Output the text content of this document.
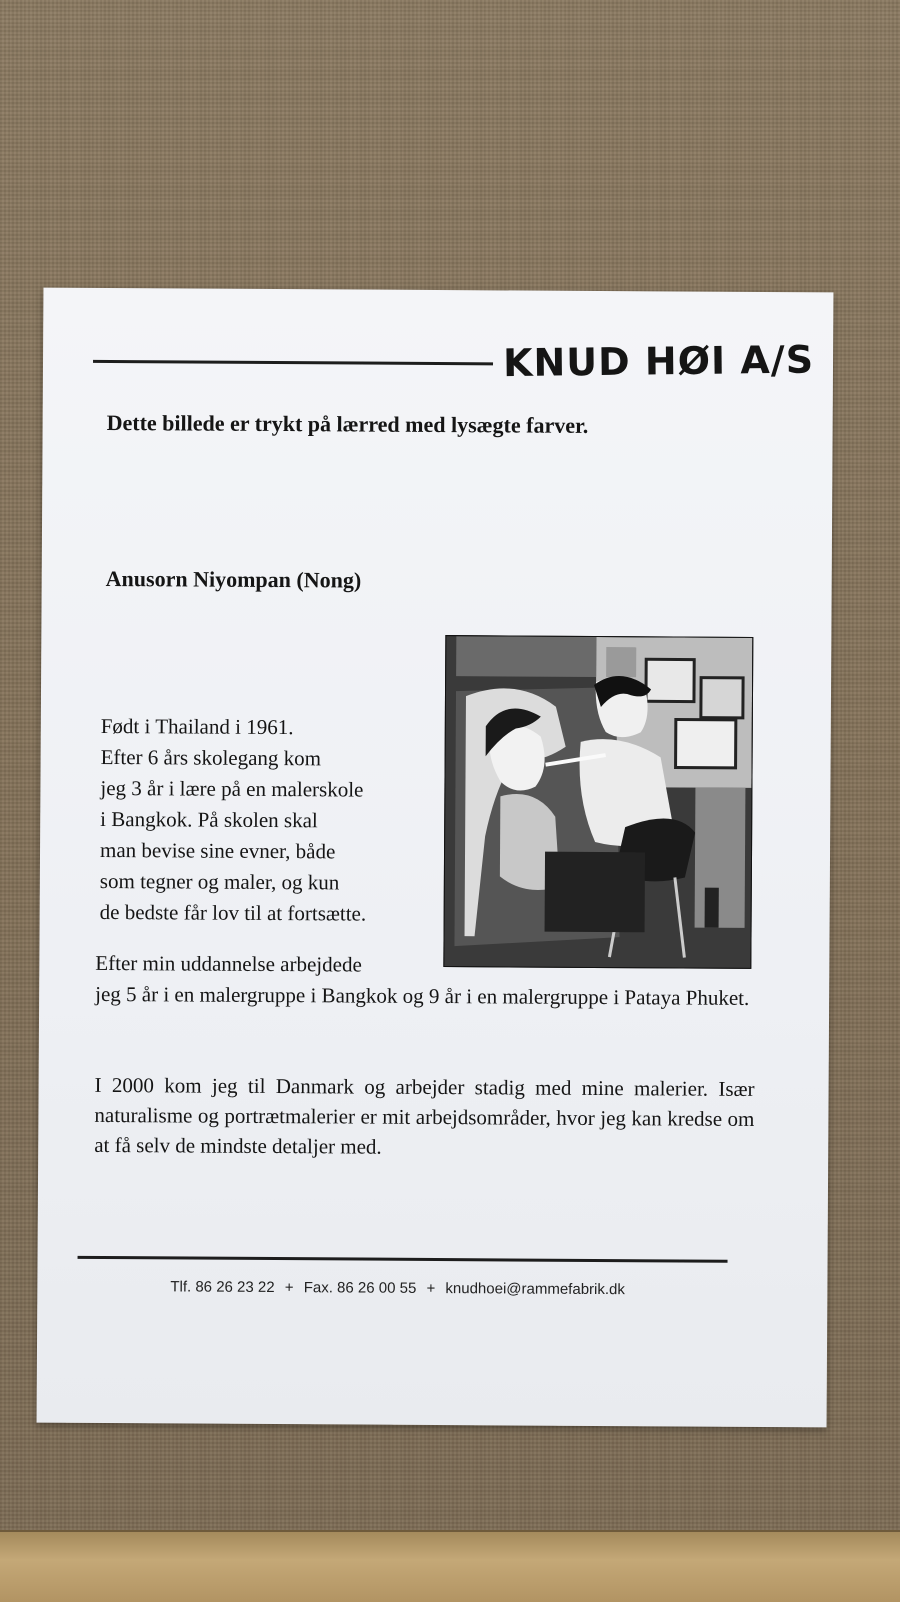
KNUD HØI A/S
Dette billede er trykt på lærred med lysægte farver.
Anusorn Niyompan (Nong)

Født i Thailand i 1961.

Efter 6 års skolegang kom

jeg 3 år i lære på en malerskole

i Bangkok. På skolen skal

man bevise sine evner, både

som tegner og maler, og kun

de bedste får lov til at fortsætte.

Efter min uddannelse arbejdede
jeg 5 år i en malergruppe i Bangkok og 9 år i en malergruppe i Pataya Phuket.
I 2000 kom jeg til Danmark og arbejder stadig med mine malerier. Især naturalisme og portrætmalerier er mit arbejdsområder, hvor jeg kan kredse om at få selv de mindste detaljer med.
Tlf. 86 26 23 22 + Fax. 86 26 00 55 + knudhoei@rammefabrik.dk
